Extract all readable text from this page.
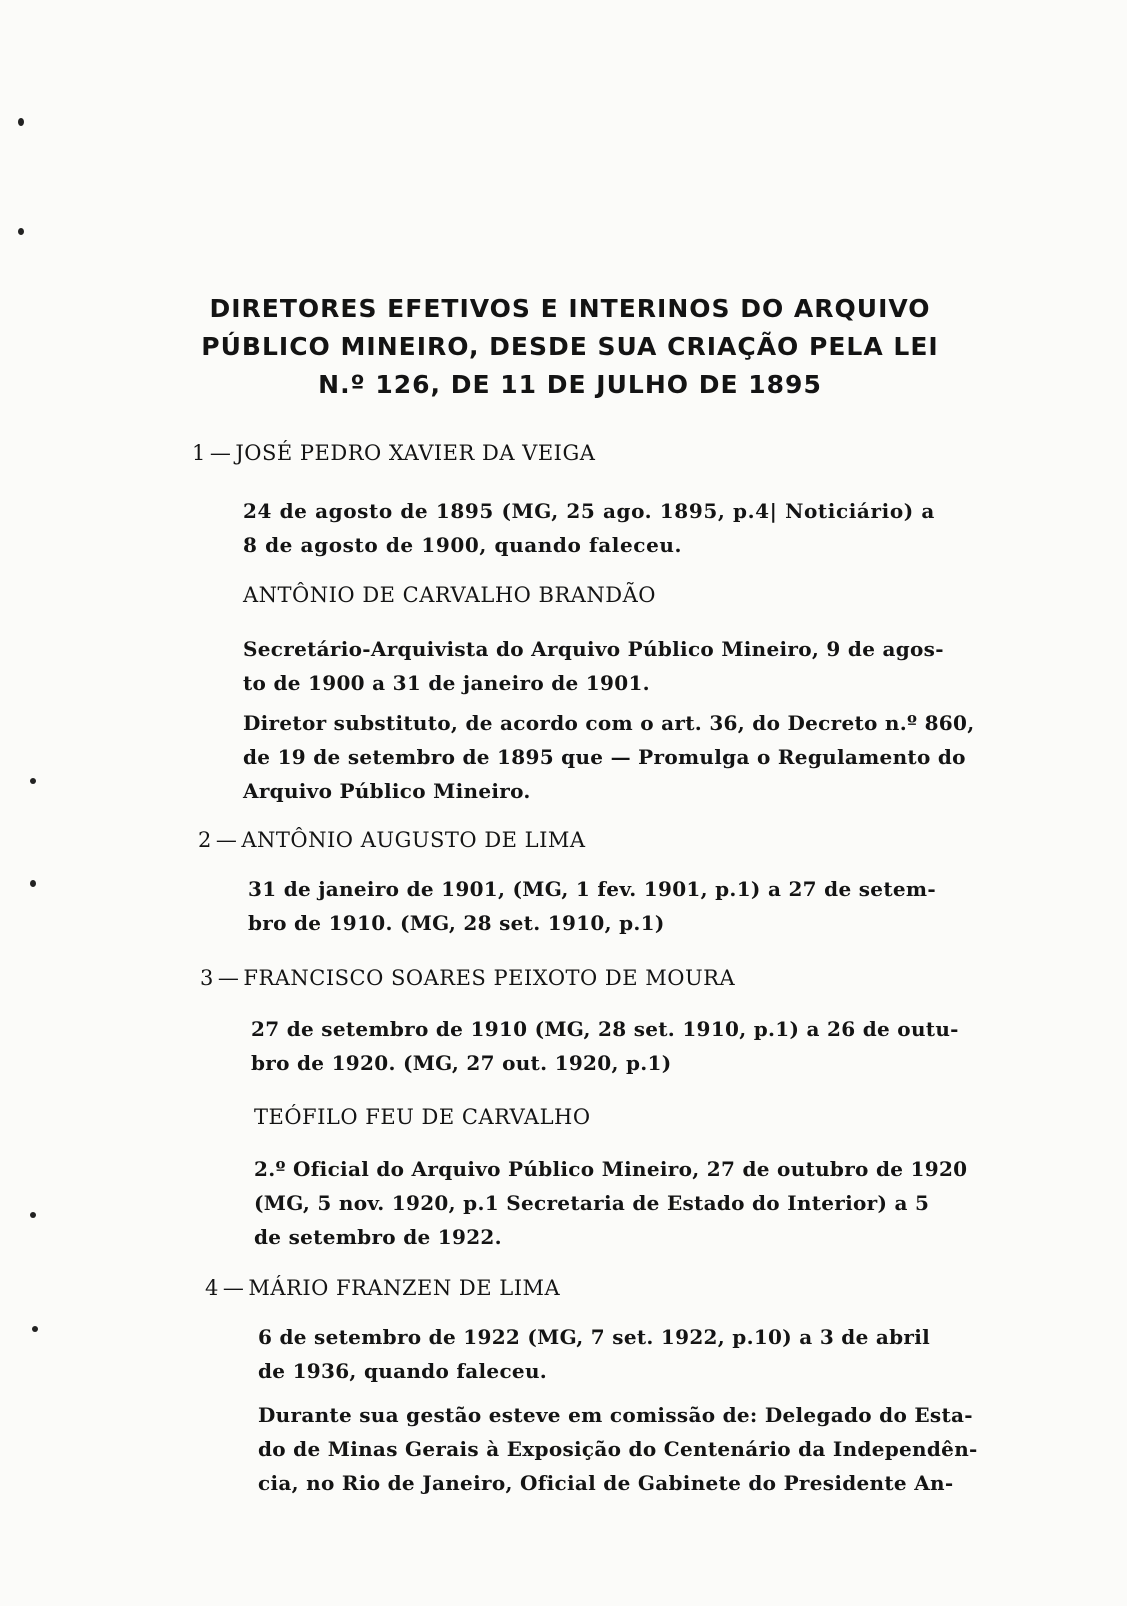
DIRETORES EFETIVOS E INTERINOS DO ARQUIVO
PÚBLICO MINEIRO, DESDE SUA CRIAÇÃO PELA LEI
N.º 126, DE 11 DE JULHO DE 1895
1 — JOSÉ PEDRO XAVIER DA VEIGA
24 de agosto de 1895 (MG, 25 ago. 1895, p.4| Noticiário) a
8 de agosto de 1900, quando faleceu.
ANTÔNIO DE CARVALHO BRANDÃO
Secretário-Arquivista do Arquivo Público Mineiro, 9 de agos-
to de 1900 a 31 de janeiro de 1901.
Diretor substituto, de acordo com o art. 36, do Decreto n.º 860,
de 19 de setembro de 1895 que — Promulga o Regulamento do
Arquivo Público Mineiro.
2 — ANTÔNIO AUGUSTO DE LIMA
31 de janeiro de 1901, (MG, 1 fev. 1901, p.1) a 27 de setem-
bro de 1910. (MG, 28 set. 1910, p.1)
3 — FRANCISCO SOARES PEIXOTO DE MOURA
27 de setembro de 1910 (MG, 28 set. 1910, p.1) a 26 de outu-
bro de 1920. (MG, 27 out. 1920, p.1)
TEÓFILO FEU DE CARVALHO
2.º Oficial do Arquivo Público Mineiro, 27 de outubro de 1920
(MG, 5 nov. 1920, p.1 Secretaria de Estado do Interior) a 5
de setembro de 1922.
4 — MÁRIO FRANZEN DE LIMA
6 de setembro de 1922 (MG, 7 set. 1922, p.10) a 3 de abril
de 1936, quando faleceu.
Durante sua gestão esteve em comissão de: Delegado do Esta-
do de Minas Gerais à Exposição do Centenário da Independên-
cia, no Rio de Janeiro, Oficial de Gabinete do Presidente An-
